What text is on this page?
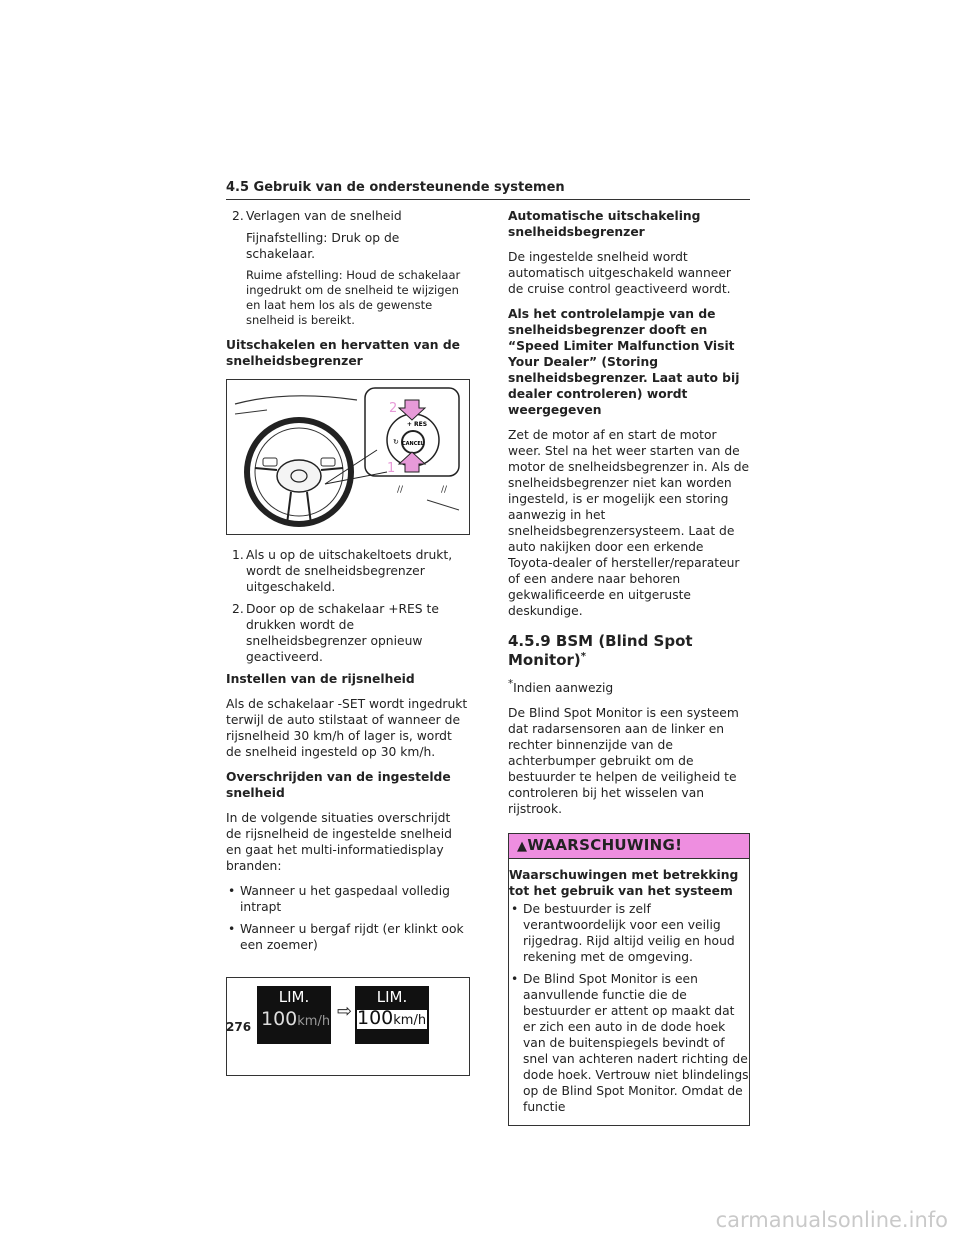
4.5 Gebruik van de ondersteunende systemen
2. Verlagen van de snelheid
Fijnafstelling: Druk op de schakelaar.
Ruime afstelling: Houd de schakelaar ingedrukt om de snelheid te wijzigen en laat hem los als de gewenste snelheid is bereikt.

Uitschakelen en hervatten van de snelheidsbegrenzer

CANCEL
+ RES
↻
2
1
//	//
1. Als u op de uitschakeltoets drukt, wordt de snelheidsbegrenzer uitgeschakeld.
2. Door op de schakelaar +RES te drukken wordt de snelheidsbegrenzer opnieuw geactiveerd.

Instellen van de rijsnelheid

Als de schakelaar -SET wordt ingedrukt terwijl de auto stilstaat of wanneer de rijsnelheid 30 km/h of lager is, wordt de snelheid ingesteld op 30 km/h.

Overschrijden van de ingestelde snelheid

In de volgende situaties overschrijdt de rijsnelheid de ingestelde snelheid en gaat het multi-informatiedisplay branden:

• Wanneer u het gaspedaal volledig intrapt
• Wanneer u bergaf rijdt (er klinkt ook een zoemer)
LIM.
100km/h ⇨
LIM.
100km/h

Automatische uitschakeling snelheidsbegrenzer

De ingestelde snelheid wordt automatisch uitgeschakeld wanneer de cruise control geactiveerd wordt.

Als het controlelampje van de snelheidsbegrenzer dooft en “Speed Limiter Malfunction Visit Your Dealer” (Storing snelheidsbegrenzer. Laat auto bij dealer controleren) wordt weergegeven

Zet de motor af en start de motor weer. Stel na het weer starten van de motor de snelheidsbegrenzer in. Als de snelheidsbegrenzer niet kan worden ingesteld, is er mogelijk een storing aanwezig in het snelheidsbegrenzersysteem. Laat de auto nakijken door een erkende Toyota-dealer of hersteller/reparateur of een andere naar behoren gekwalificeerde en uitgeruste deskundige.

4.5.9 BSM (Blind Spot Monitor)*

*Indien aanwezig

De Blind Spot Monitor is een systeem dat radarsensoren aan de linker en rechter binnenzijde van de achterbumper gebruikt om de bestuurder te helpen de veiligheid te controleren bij het wisselen van rijstrook.

▲WAARSCHUWING!

Waarschuwingen met betrekking tot het gebruik van het systeem

• De bestuurder is zelf verantwoordelijk voor een veilig rijgedrag. Rijd altijd veilig en houd rekening met de omgeving.
• De Blind Spot Monitor is een aanvullende functie die de bestuurder er attent op maakt dat er zich een auto in de dode hoek van de buitenspiegels bevindt of snel van achteren nadert richting de dode hoek. Vertrouw niet blindelings op de Blind Spot Monitor. Omdat de functie
276
carmanualsonline.info
